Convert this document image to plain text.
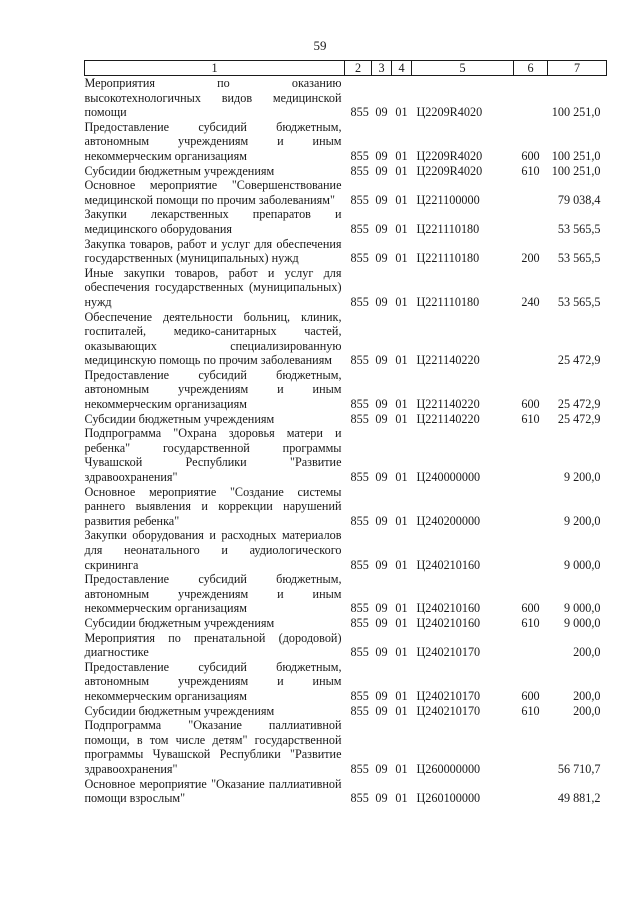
59
1	2	3	4	5	6	7
Мероприятия по оказанию высокотехнологичных видов медицинской помощи	855	09	01	Ц2209R4020		100 251,0
Предоставление субсидий бюджетным, автономным учреждениям и иным некоммерческим организациям	855	09	01	Ц2209R4020	600	100 251,0
Субсидии бюджетным учреждениям	855	09	01	Ц2209R4020	610	100 251,0
Основное мероприятие "Совершенствование медицинской помощи по прочим заболеваниям"	855	09	01	Ц221100000		79 038,4
Закупки лекарственных препаратов и медицинского оборудования	855	09	01	Ц221110180		53 565,5
Закупка товаров, работ и услуг для обеспечения государственных (муниципальных) нужд	855	09	01	Ц221110180	200	53 565,5
Иные закупки товаров, работ и услуг для обеспечения государственных (муниципальных) нужд	855	09	01	Ц221110180	240	53 565,5
Обеспечение деятельности больниц, клиник, госпиталей, медико-санитарных частей, оказывающих специализированную медицинскую помощь по прочим заболеваниям	855	09	01	Ц221140220		25 472,9
Предоставление субсидий бюджетным, автономным учреждениям и иным некоммерческим организациям	855	09	01	Ц221140220	600	25 472,9
Субсидии бюджетным учреждениям	855	09	01	Ц221140220	610	25 472,9
Подпрограмма "Охрана здоровья матери и ребенка" государственной программы Чувашской Республики "Развитие здравоохранения"	855	09	01	Ц240000000		9 200,0
Основное мероприятие "Создание системы раннего выявления и коррекции нарушений развития ребенка"	855	09	01	Ц240200000		9 200,0
Закупки оборудования и расходных материалов для неонатального и аудиологического скрининга	855	09	01	Ц240210160		9 000,0
Предоставление субсидий бюджетным, автономным учреждениям и иным некоммерческим организациям	855	09	01	Ц240210160	600	9 000,0
Субсидии бюджетным учреждениям	855	09	01	Ц240210160	610	9 000,0
Мероприятия по пренатальной (дородовой) диагностике	855	09	01	Ц240210170		200,0
Предоставление субсидий бюджетным, автономным учреждениям и иным некоммерческим организациям	855	09	01	Ц240210170	600	200,0
Субсидии бюджетным учреждениям	855	09	01	Ц240210170	610	200,0
Подпрограмма "Оказание паллиативной помощи, в том числе детям" государственной программы Чувашской Республики "Развитие здравоохранения"	855	09	01	Ц260000000		56 710,7
Основное мероприятие "Оказание паллиативной помощи взрослым"	855	09	01	Ц260100000		49 881,2
